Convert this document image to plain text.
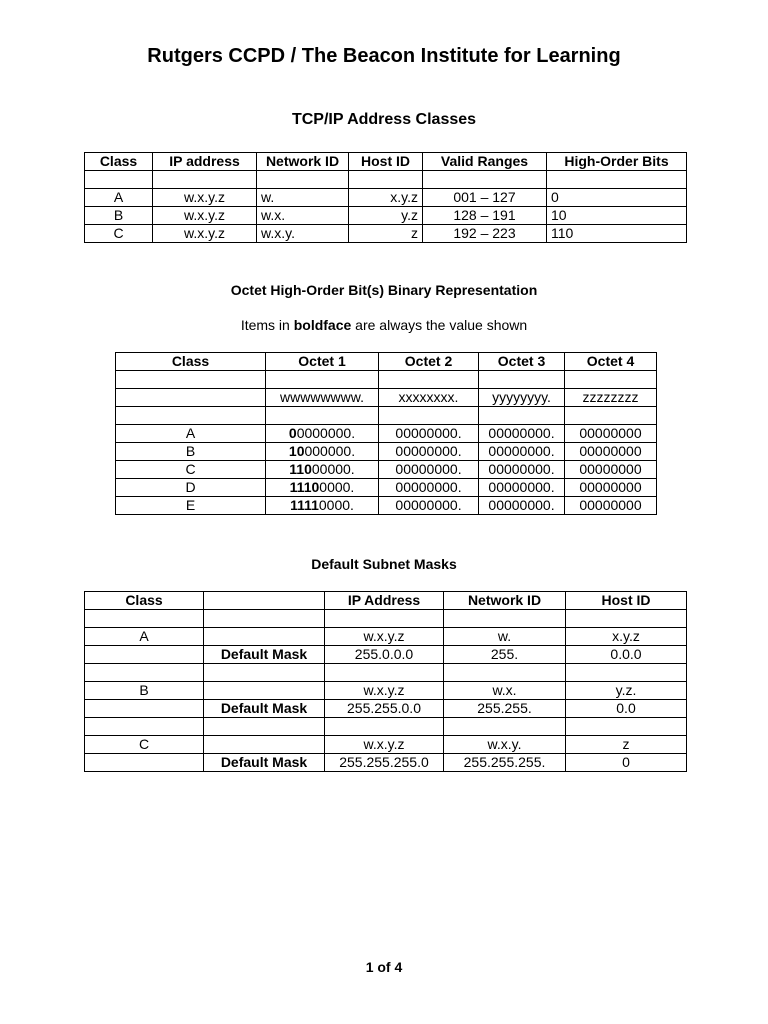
Rutgers CCPD / The Beacon Institute for Learning
TCP/IP Address Classes
Class	IP address	Network ID	Host ID	Valid Ranges	High-Order Bits

A	w.x.y.z	w.	x.y.z	001 – 127	0
B	w.x.y.z	w.x.	y.z	128 – 191	10
C	w.x.y.z	w.x.y.	z	192 – 223	110
Octet High-Order Bit(s) Binary Representation
Items in boldface are always the value shown
Class	Octet 1	Octet 2	Octet 3	Octet 4

	wwwwwwww.	xxxxxxxx.	yyyyyyyy.	zzzzzzzz

A	00000000.	00000000.	00000000.	00000000
B	10000000.	00000000.	00000000.	00000000
C	11000000.	00000000.	00000000.	00000000
D	11100000.	00000000.	00000000.	00000000
E	11110000.	00000000.	00000000.	00000000
Default Subnet Masks
Class		IP Address	Network ID	Host ID

A		w.x.y.z	w.	x.y.z
	Default Mask	255.0.0.0	255.	0.0.0

B		w.x.y.z	w.x.	y.z.
	Default Mask	255.255.0.0	255.255.	0.0

C		w.x.y.z	w.x.y.	z
	Default Mask	255.255.255.0	255.255.255.	0
1 of 4
